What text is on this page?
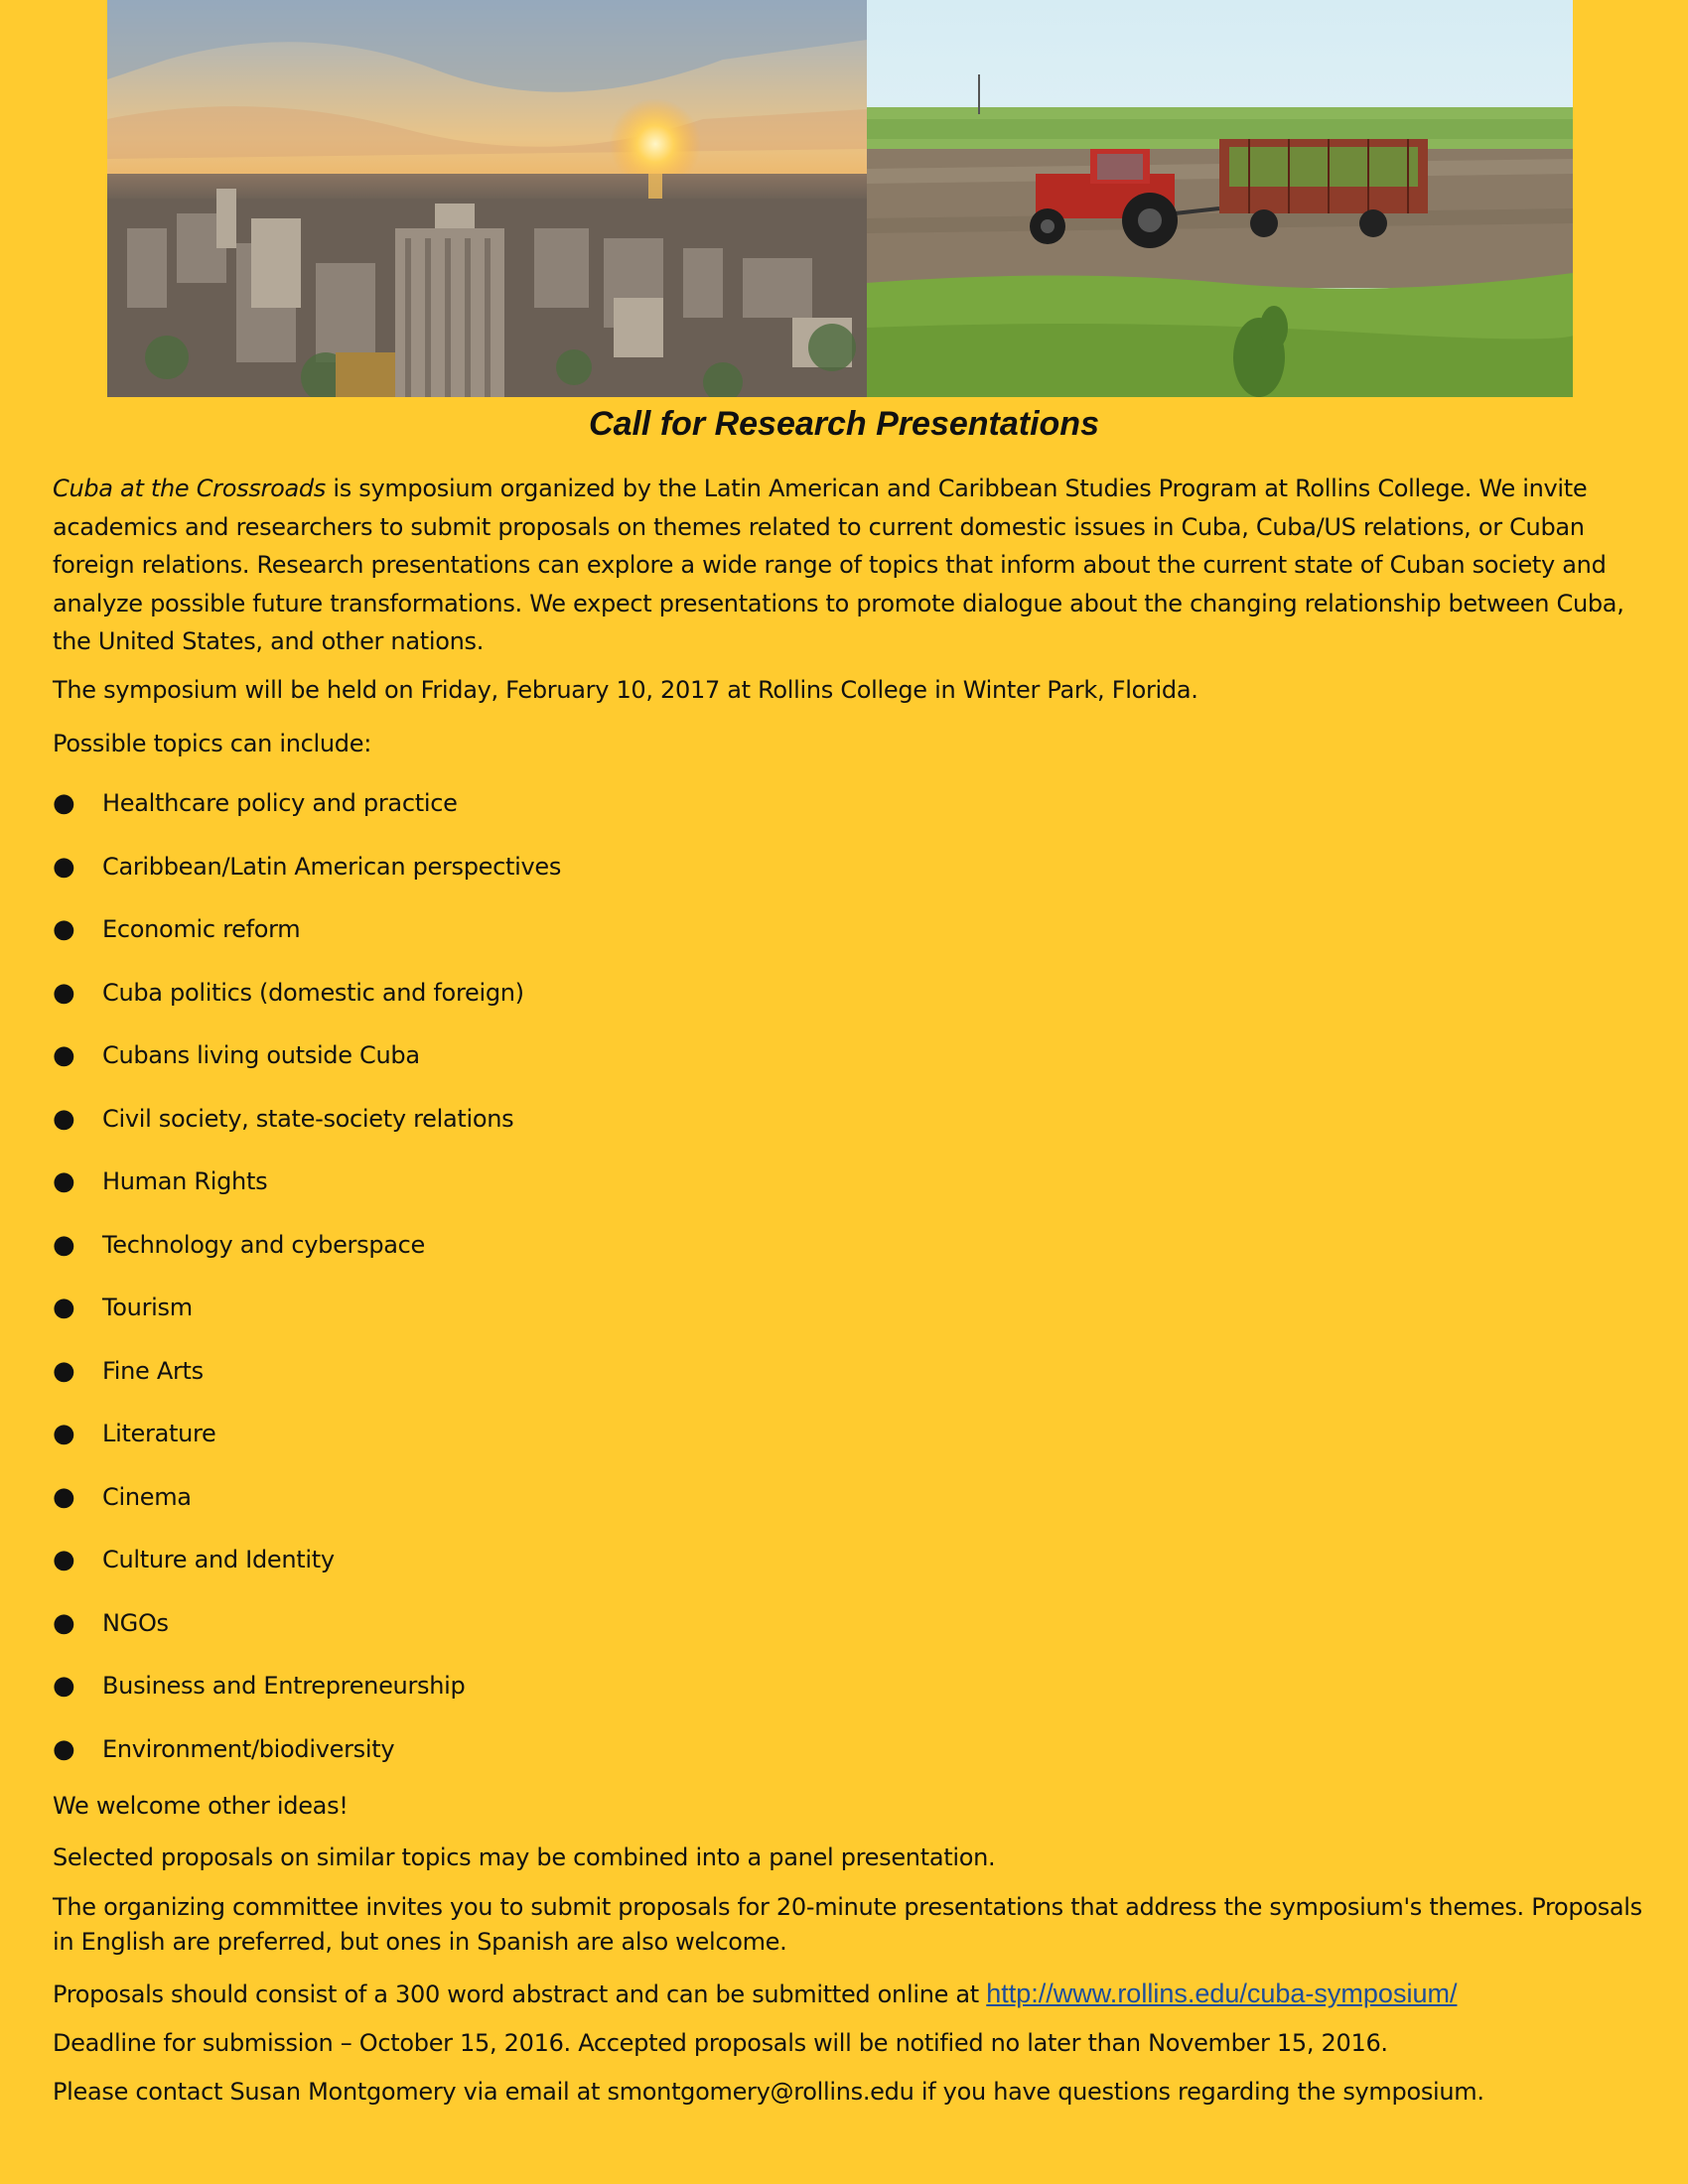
Call for Research Presentations

Cuba at the Crossroads is symposium organized by the Latin American and Caribbean Studies Program at Rollins College. We invite academics and researchers to submit proposals on themes related to current domestic issues in Cuba, Cuba/US relations, or Cuban foreign relations. Research presentations can explore a wide range of topics that inform about the current state of Cuban society and analyze possible future transformations. We expect presentations to promote dialogue about the changing relationship between Cuba, the United States, and other nations.

The symposium will be held on Friday, February 10, 2017 at Rollins College in Winter Park, Florida.

Possible topics can include:

●	Healthcare policy and practice
●	Caribbean/Latin American perspectives
●	Economic reform
●	Cuba politics (domestic and foreign)
●	Cubans living outside Cuba
●	Civil society, state-society relations
●	Human Rights
●	Technology and cyberspace
●	Tourism
●	Fine Arts
●	Literature
●	Cinema
●	Culture and Identity
●	NGOs
●	Business and Entrepreneurship
●	Environment/biodiversity

We welcome other ideas!

Selected proposals on similar topics may be combined into a panel presentation.

The organizing committee invites you to submit proposals for 20-minute presentations that address the symposium's themes. Proposals in English are preferred, but ones in Spanish are also welcome.

Proposals should consist of a 300 word abstract and can be submitted online at http://www.rollins.edu/cuba-symposium/

Deadline for submission – October 15, 2016. Accepted proposals will be notified no later than November 15, 2016.

Please contact Susan Montgomery via email at smontgomery@rollins.edu if you have questions regarding the symposium.
